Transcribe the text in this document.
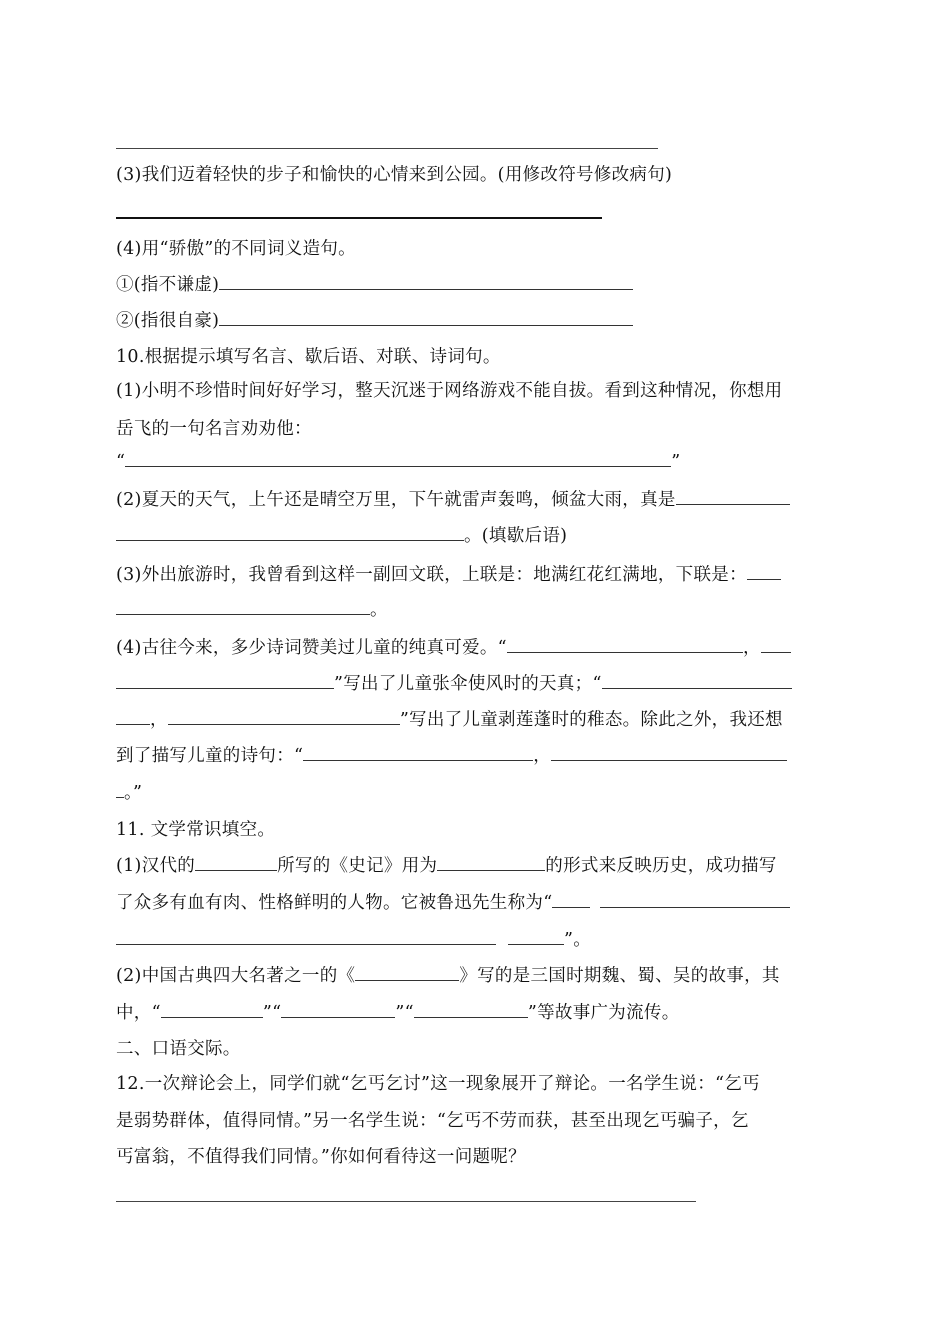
(3)我们迈着轻快的步子和愉快的心情来到公园。(用修改符号修改病句)
(4)用“骄傲”的不同词义造句。
①(指不谦虚)
②(指很自豪)
10.根据提示填写名言、歇后语、对联、诗词句。
(1)小明不珍惜时间好好学习，整天沉迷于网络游戏不能自拔。看到这种情况，你想用
岳飞的一句名言劝劝他：
“	”
(2)夏天的天气，上午还是晴空万里，下午就雷声轰鸣，倾盆大雨，真是
。(填歇后语)
(3)外出旅游时，我曾看到这样一副回文联，上联是：地满红花红满地，下联是：
。
(4)古往今来，多少诗词赞美过儿童的纯真可爱。“	，
”写出了儿童张伞使风时的天真；“
，	”写出了儿童剥莲蓬时的稚态。除此之外，我还想
到了描写儿童的诗句：“	，
。”
11. 文学常识填空。
(1)汉代的	所写的《史记》用为	的形式来反映历史，成功描写
了众多有血有肉、性格鲜明的人物。它被鲁迅先生称为“
”。
(2)中国古典四大名著之一的《	》写的是三国时期魏、蜀、吴的故事，其
中，“	”“	”“	”等故事广为流传。
二、口语交际。
12.一次辩论会上，同学们就“乞丐乞讨”这一现象展开了辩论。一名学生说：“乞丐
是弱势群体，值得同情。”另一名学生说：“乞丐不劳而获，甚至出现乞丐骗子，乞
丐富翁，不值得我们同情。”你如何看待这一问题呢？
